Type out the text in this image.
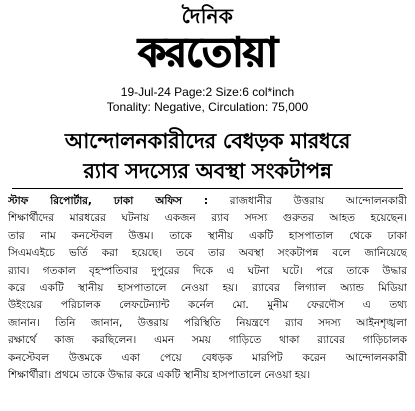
দৈনিক
করতোয়া
19-Jul-24 Page:2 Size:6 col*inch
Tonality: Negative, Circulation: 75,000
আন্দোলনকারীদের বেধড়ক মারধরে
র‌্যাব সদস্যের অবস্থা সংকটাপন্ন
স্টাফ রিপোর্টার, ঢাকা অফিস : রাজধানীর উত্তরায় আন্দোলনকারী
শিক্ষার্থীদের মারধরের ঘটনায় একজন র‌্যাব সদস্য গুরুতর আহত হয়েছেন।
তার নাম কনস্টেবল উত্তম। তাকে স্থানীয় একটি হাসপাতাল থেকে ঢাকা
সিএমএইচে ভর্তি করা হয়েছে। তবে তার অবস্থা সংকটাপন্ন বলে জানিয়েছে
র‌্যাব। গতকাল বৃহস্পতিবার দুপুরের দিকে এ ঘটনা ঘটে। পরে তাকে উদ্ধার
করে একটি স্থানীয় হাসপাতালে নেওয়া হয়। র‌্যাবের লিগ্যাল অ্যান্ড মিডিয়া
উইংয়ের পরিচালক লেফটেন্যান্ট কর্নেল মো. মুনীম ফেরদৌস এ তথ্য
জানান। তিনি জানান, উত্তরায় পরিস্থিতি নিয়ন্ত্রণে র‌্যাব সদস্য আইনশৃঙ্খলা
রক্ষার্থে কাজ করছিলেন। এমন সময় গাড়িতে থাকা র‌্যাবের গাড়িচালক
কনস্টেবল উত্তমকে একা পেয়ে বেধড়ক মারপিট করেন আন্দোলনকারী
শিক্ষার্থীরা। প্রথমে তাকে উদ্ধার করে একটি স্থানীয় হাসপাতালে নেওয়া হয়।
